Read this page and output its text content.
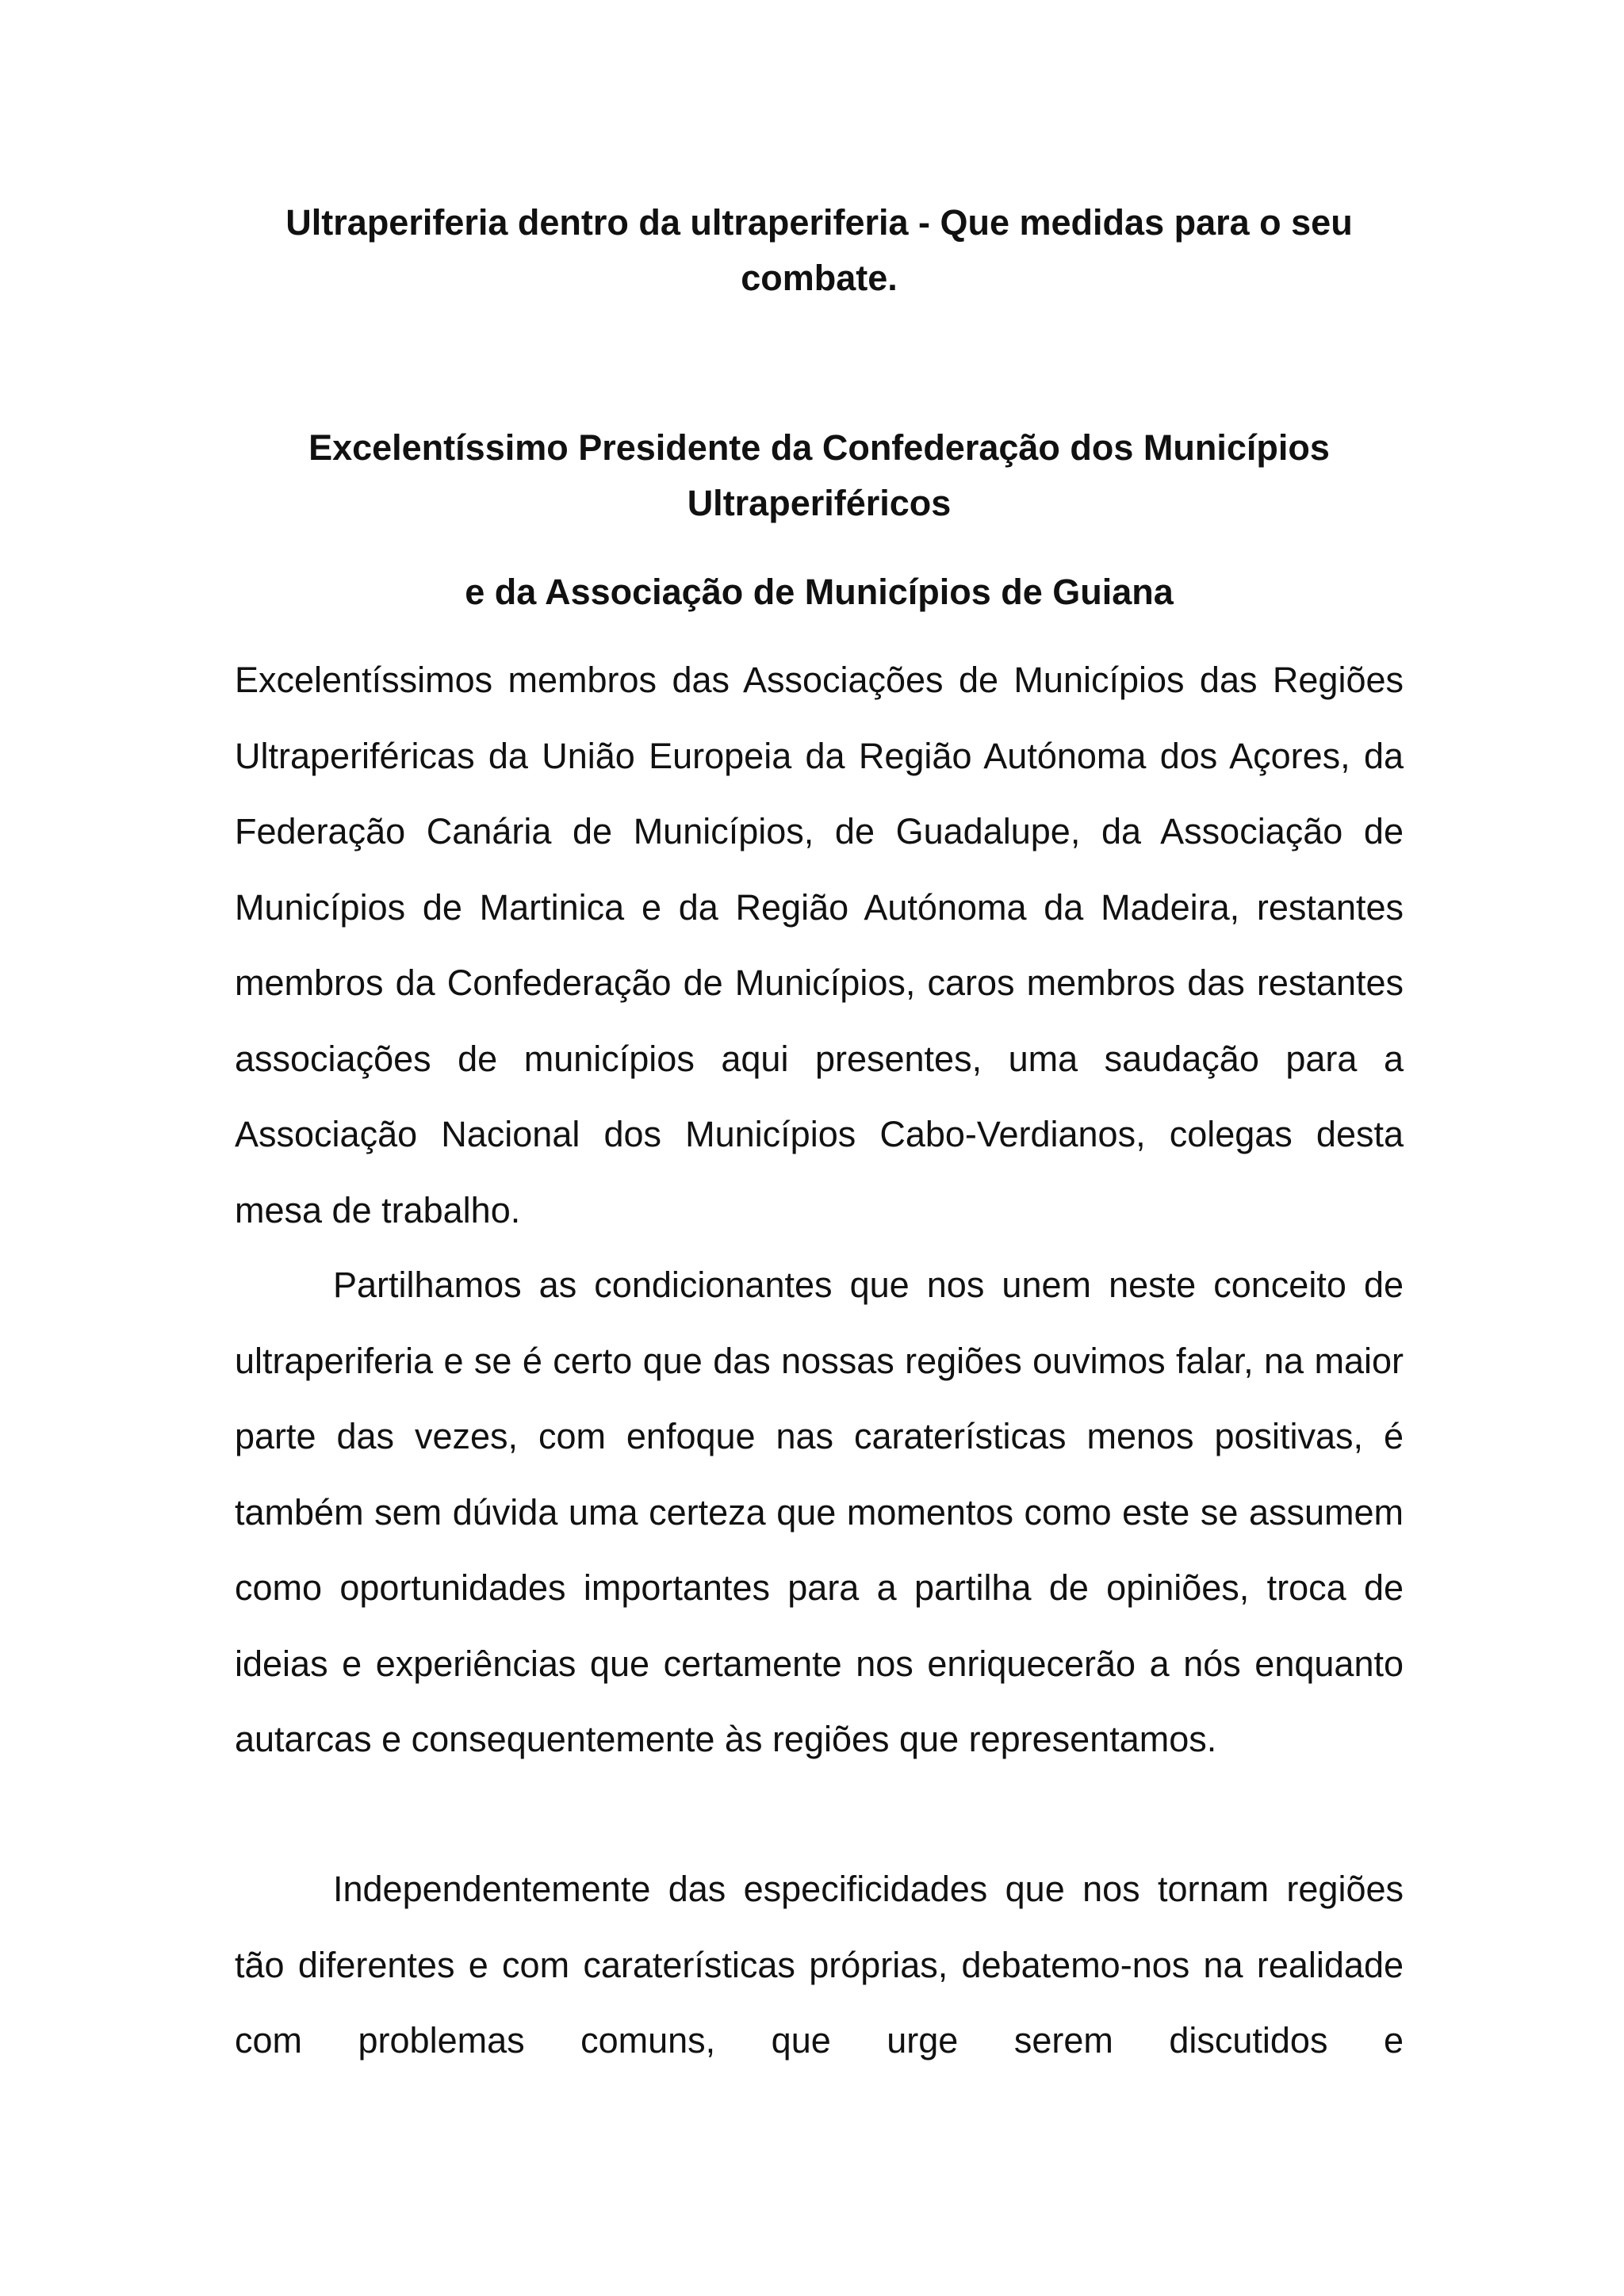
Ultraperiferia dentro da ultraperiferia - Que medidas para o seu combate.
Excelentíssimo Presidente da Confederação dos Municípios Ultraperiféricos
e da Associação de Municípios de Guiana

Excelentíssimos membros das Associações de Municípios das Regiões Ultraperiféricas da União Europeia da Região Autónoma dos Açores, da Federação Canária de Municípios, de Guadalupe, da Associação de Municípios de Martinica e da Região Autónoma da Madeira, restantes membros da Confederação de Municípios, caros membros das restantes associações de municípios aqui presentes, uma saudação para a Associação Nacional dos Municípios Cabo-Verdianos, colegas desta mesa de trabalho.

Partilhamos as condicionantes que nos unem neste conceito de ultraperiferia e se é certo que das nossas regiões ouvimos falar, na maior parte das vezes, com enfoque nas caraterísticas menos positivas, é também sem dúvida uma certeza que momentos como este se assumem como oportunidades importantes para a partilha de opiniões, troca de ideias e experiências que certamente nos enriquecerão a nós enquanto autarcas e consequentemente às regiões que representamos.

Independentemente das especificidades que nos tornam regiões tão diferentes e com caraterísticas próprias, debatemo-nos na realidade com problemas comuns, que urge serem discutidos e
